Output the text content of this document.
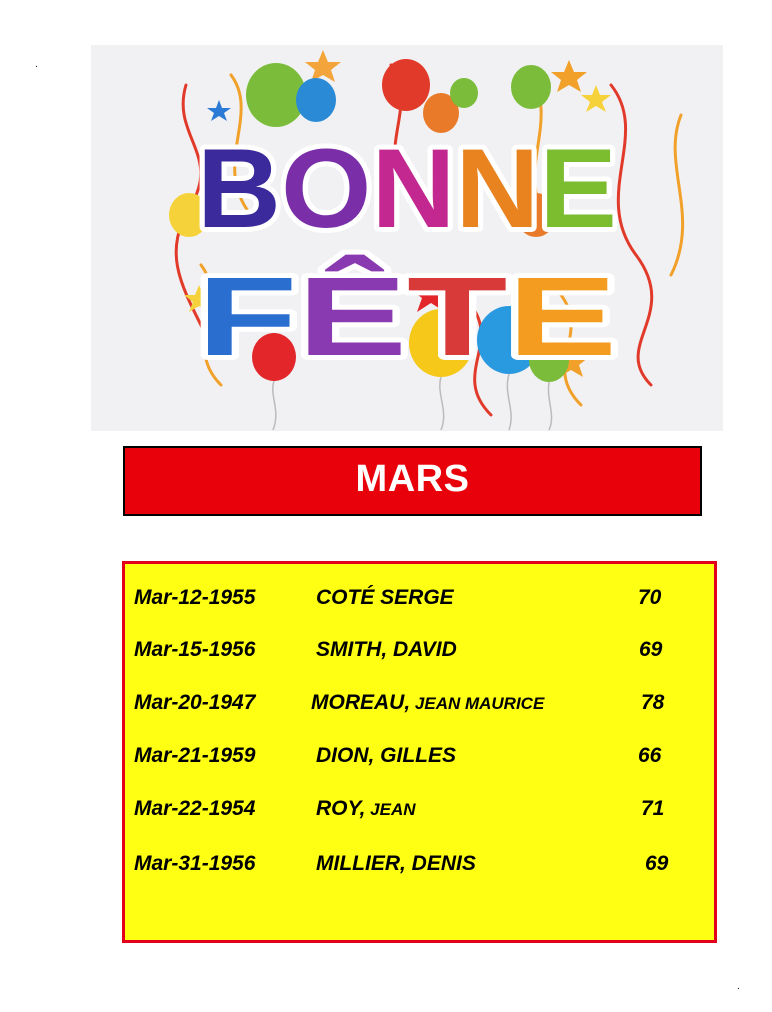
.
.
BONNE
F Ê T E
MARS
Mar-12-1955	COTÉ SERGE	70
Mar-15-1956	SMITH, DAVID	69
Mar-20-1947	MOREAU, JEAN MAURICE	78
Mar-21-1959	DION, GILLES	66
Mar-22-1954	ROY, JEAN	71
Mar-31-1956	MILLIER, DENIS	69
